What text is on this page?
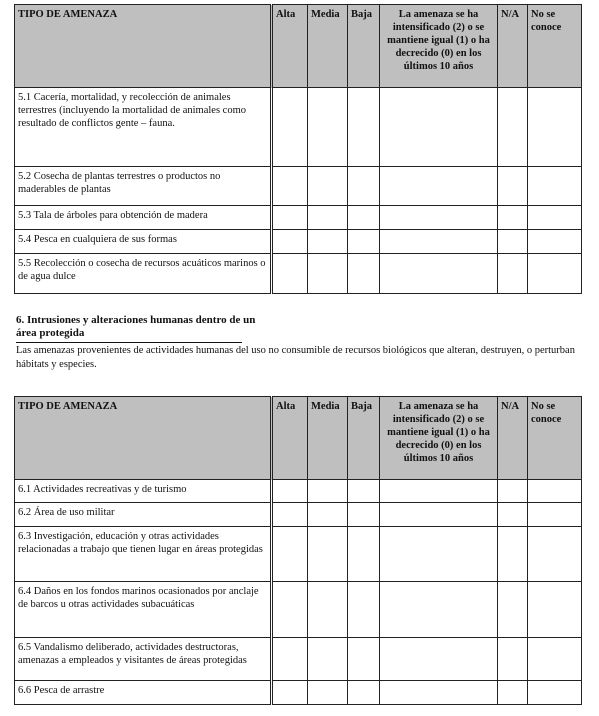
TIPO DE AMENAZA	Alta	Media	Baja	La amenaza se ha intensificado (2) o se mantiene igual (1) o ha decrecido (0) en los últimos 10 años	N/A	No se conoce
5.1 Cacería, mortalidad, y recolección de animales terrestres (incluyendo la mortalidad de animales como resultado de conflictos gente – fauna.						
5.2 Cosecha de plantas terrestres o productos no maderables de plantas						
5.3 Tala de árboles para obtención de madera						
5.4 Pesca en cualquiera de sus formas						
5.5 Recolección o cosecha de recursos acuáticos marinos o de agua dulce						
6. Intrusiones y alteraciones humanas dentro de un área protegida
Las amenazas provenientes de actividades humanas del uso no consumible de recursos biológicos que alteran, destruyen, o perturban hábitats y especies.
TIPO DE AMENAZA	Alta	Media	Baja	La amenaza se ha intensificado (2) o se mantiene igual (1) o ha decrecido (0) en los últimos 10 años	N/A	No se conoce
6.1 Actividades recreativas y de turismo						
6.2 Área de uso militar						
6.3 Investigación, educación y otras actividades relacionadas a trabajo que tienen lugar en áreas protegidas						
6.4 Daños en los fondos marinos ocasionados por anclaje de barcos u otras actividades subacuáticas						
6.5 Vandalismo deliberado, actividades destructoras, amenazas a empleados y visitantes de áreas protegidas						
6.6 Pesca de arrastre						
